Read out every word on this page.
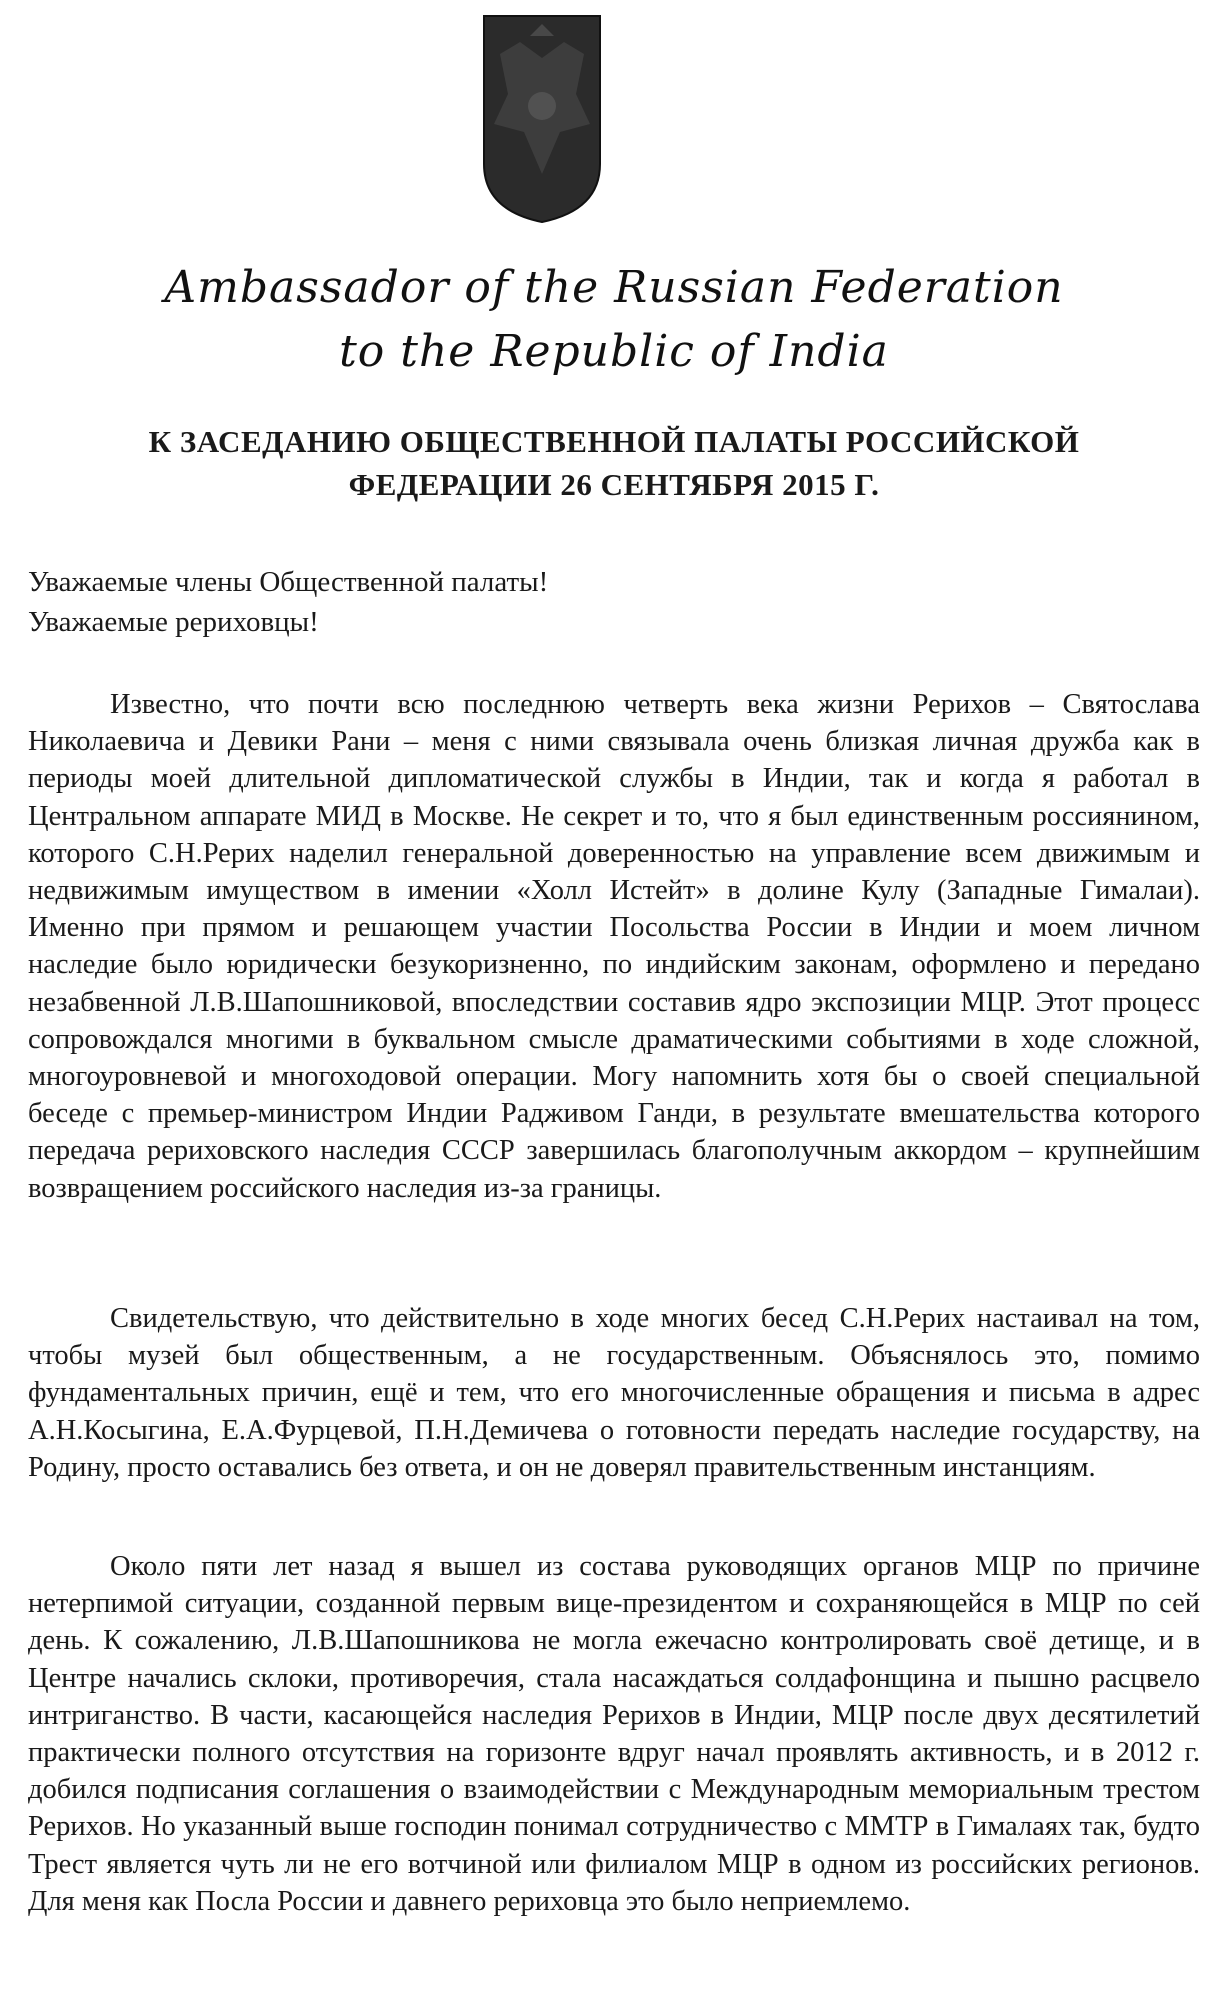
Ambassador of the Russian Federation
to the Republic of India
К ЗАСЕДАНИЮ ОБЩЕСТВЕННОЙ ПАЛАТЫ РОССИЙСКОЙ
ФЕДЕРАЦИИ 26 СЕНТЯБРЯ 2015 Г.
Уважаемые члены Общественной палаты!
Уважаемые рериховцы!

Известно, что почти всю последнюю четверть века жизни Рерихов – Святослава Николаевича и Девики Рани – меня с ними связывала очень близкая личная дружба как в периоды моей длительной дипломатической службы в Индии, так и когда я работал в Центральном аппарате МИД в Москве. Не секрет и то, что я был единственным россиянином, которого С.Н.Рерих наделил генеральной доверенностью на управление всем движимым и недвижимым имуществом в имении «Холл Истейт» в долине Кулу (Западные Гималаи). Именно при прямом и решающем участии Посольства России в Индии и моем личном наследие было юридически безукоризненно, по индийским законам, оформлено и передано незабвенной Л.В.Шапошниковой, впоследствии составив ядро экспозиции МЦР. Этот процесс сопровождался многими в буквальном смысле драматическими событиями в ходе сложной, многоуровневой и многоходовой операции. Могу напомнить хотя бы о своей специальной беседе с премьер-министром Индии Радживом Ганди, в результате вмешательства которого передача рериховского наследия СССР завершилась благополучным аккордом – крупнейшим возвращением российского наследия из-за границы.

Свидетельствую, что действительно в ходе многих бесед С.Н.Рерих настаивал на том, чтобы музей был общественным, а не государственным. Объяснялось это, помимо фундаментальных причин, ещё и тем, что его многочисленные обращения и письма в адрес А.Н.Косыгина, Е.А.Фурцевой, П.Н.Демичева о готовности передать наследие государству, на Родину, просто оставались без ответа, и он не доверял правительственным инстанциям.

Около пяти лет назад я вышел из состава руководящих органов МЦР по причине нетерпимой ситуации, созданной первым вице-президентом и сохраняющейся в МЦР по сей день. К сожалению, Л.В.Шапошникова не могла ежечасно контролировать своё детище, и в Центре начались склоки, противоречия, стала насаждаться солдафонщина и пышно расцвело интриганство. В части, касающейся наследия Рерихов в Индии, МЦР после двух десятилетий практически полного отсутствия на горизонте вдруг начал проявлять активность, и в 2012 г. добился подписания соглашения о взаимодействии с Международным мемориальным трестом Рерихов. Но указанный выше господин понимал сотрудничество с ММТР в Гималаях так, будто Трест является чуть ли не его вотчиной или филиалом МЦР в одном из российских регионов. Для меня как Посла России и давнего рериховца это было неприемлемо.
